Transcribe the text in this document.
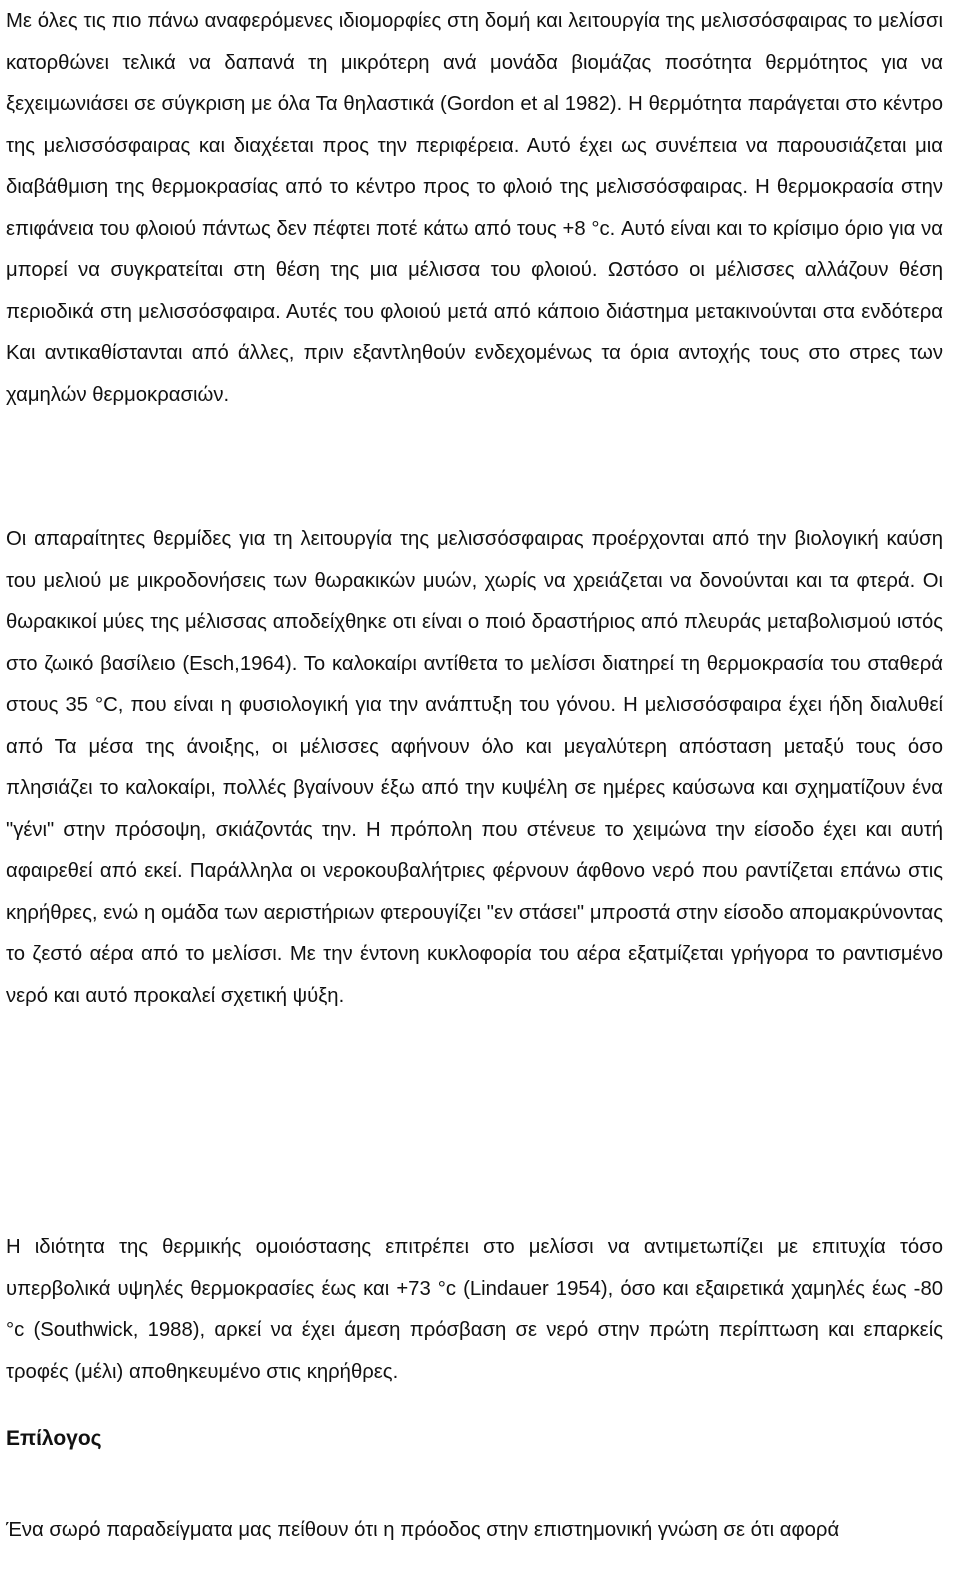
Με όλες τις πιο πάνω αναφερόμενες ιδιομορφίες στη δομή και λειτουργία της μελισσόσφαιρας το μελίσσι κατορθώνει τελικά να δαπανά τη μικρότερη ανά μονάδα βιομάζας ποσότητα θερμότητος για να ξεχειμωνιάσει σε σύγκριση με όλα Τα θηλαστικά (Gordon et al 1982). Η θερμότητα παράγεται στο κέντρο της μελισσόσφαιρας και διαχέεται προς την περιφέρεια. Αυτό έχει ως συνέπεια να παρουσιάζεται μια διαβάθμιση της θερμοκρασίας από το κέντρο προς το φλοιό της μελισσόσφαιρας. Η θερμοκρασία στην επιφάνεια του φλοιού πάντως δεν πέφτει ποτέ κάτω από τους +8 °c. Αυτό είναι και το κρίσιμο όριο για να μπορεί να συγκρατείται στη θέση της μια μέλισσα του φλοιού. Ωστόσο οι μέλισσες αλλάζουν θέση περιοδικά στη μελισσόσφαιρα. Αυτές του φλοιού μετά από κάποιο διάστημα μετακινούνται στα ενδότερα Και αντικαθίστανται από άλλες, πριν εξαντληθούν ενδεχομένως τα όρια αντοχής τους στο στρες των χαμηλών θερμοκρασιών.

Οι απαραίτητες θερμίδες για τη λειτουργία της μελισσόσφαιρας προέρχονται από την βιολογική καύση του μελιού με μικροδονήσεις των θωρακικών μυών, χωρίς να χρειάζεται να δονούνται και τα φτερά. Οι θωρακικοί μύες της μέλισσας αποδείχθηκε οτι είναι ο ποιό δραστήριος από πλευράς μεταβολισμού ιστός στο ζωικό βασίλειο (Esch,1964). Το καλοκαίρι αντίθετα το μελίσσι διατηρεί τη θερμοκρασία του σταθερά στους 35 °C, που είναι η φυσιολογική για την ανάπτυξη του γόνου. Η μελισσόσφαιρα έχει ήδη διαλυθεί από Τα μέσα της άνοιξης, οι μέλισσες αφήνουν όλο και μεγαλύτερη απόσταση μεταξύ τους όσο πλησιάζει το καλοκαίρι, πολλές βγαίνουν έξω από την κυψέλη σε ημέρες καύσωνα και σχηματίζουν ένα "γένι" στην πρόσοψη, σκιάζοντάς την. Η πρόπολη που στένευε το χειμώνα την είσοδο έχει και αυτή αφαιρεθεί από εκεί. Παράλληλα οι νεροκουβαλήτριες φέρνουν άφθονο νερό που ραντίζεται επάνω στις κηρήθρες, ενώ η ομάδα των αεριστήριων φτερουγίζει "εν στάσει" μπροστά στην είσοδο απομακρύνοντας το ζεστό αέρα από το μελίσσι. Με την έντονη κυκλοφορία του αέρα εξατμίζεται γρήγορα το ραντισμένο νερό και αυτό προκαλεί σχετική ψύξη.

Η ιδιότητα της θερμικής ομοιόστασης επιτρέπει στο μελίσσι να αντιμετωπίζει με επιτυχία τόσο υπερβολικά υψηλές θερμοκρασίες έως και +73 °c (Lindauer 1954), όσο και εξαιρετικά χαμηλές έως -80 °c (Southwick, 1988), αρκεί να έχει άμεση πρόσβαση σε νερό στην πρώτη περίπτωση και επαρκείς τροφές (μέλι) αποθηκευμένο στις κηρήθρες.

Επίλογος

Ένα σωρό παραδείγματα μας πείθουν ότι η πρόοδος στην επιστημονική γνώση σε ότι αφορά
